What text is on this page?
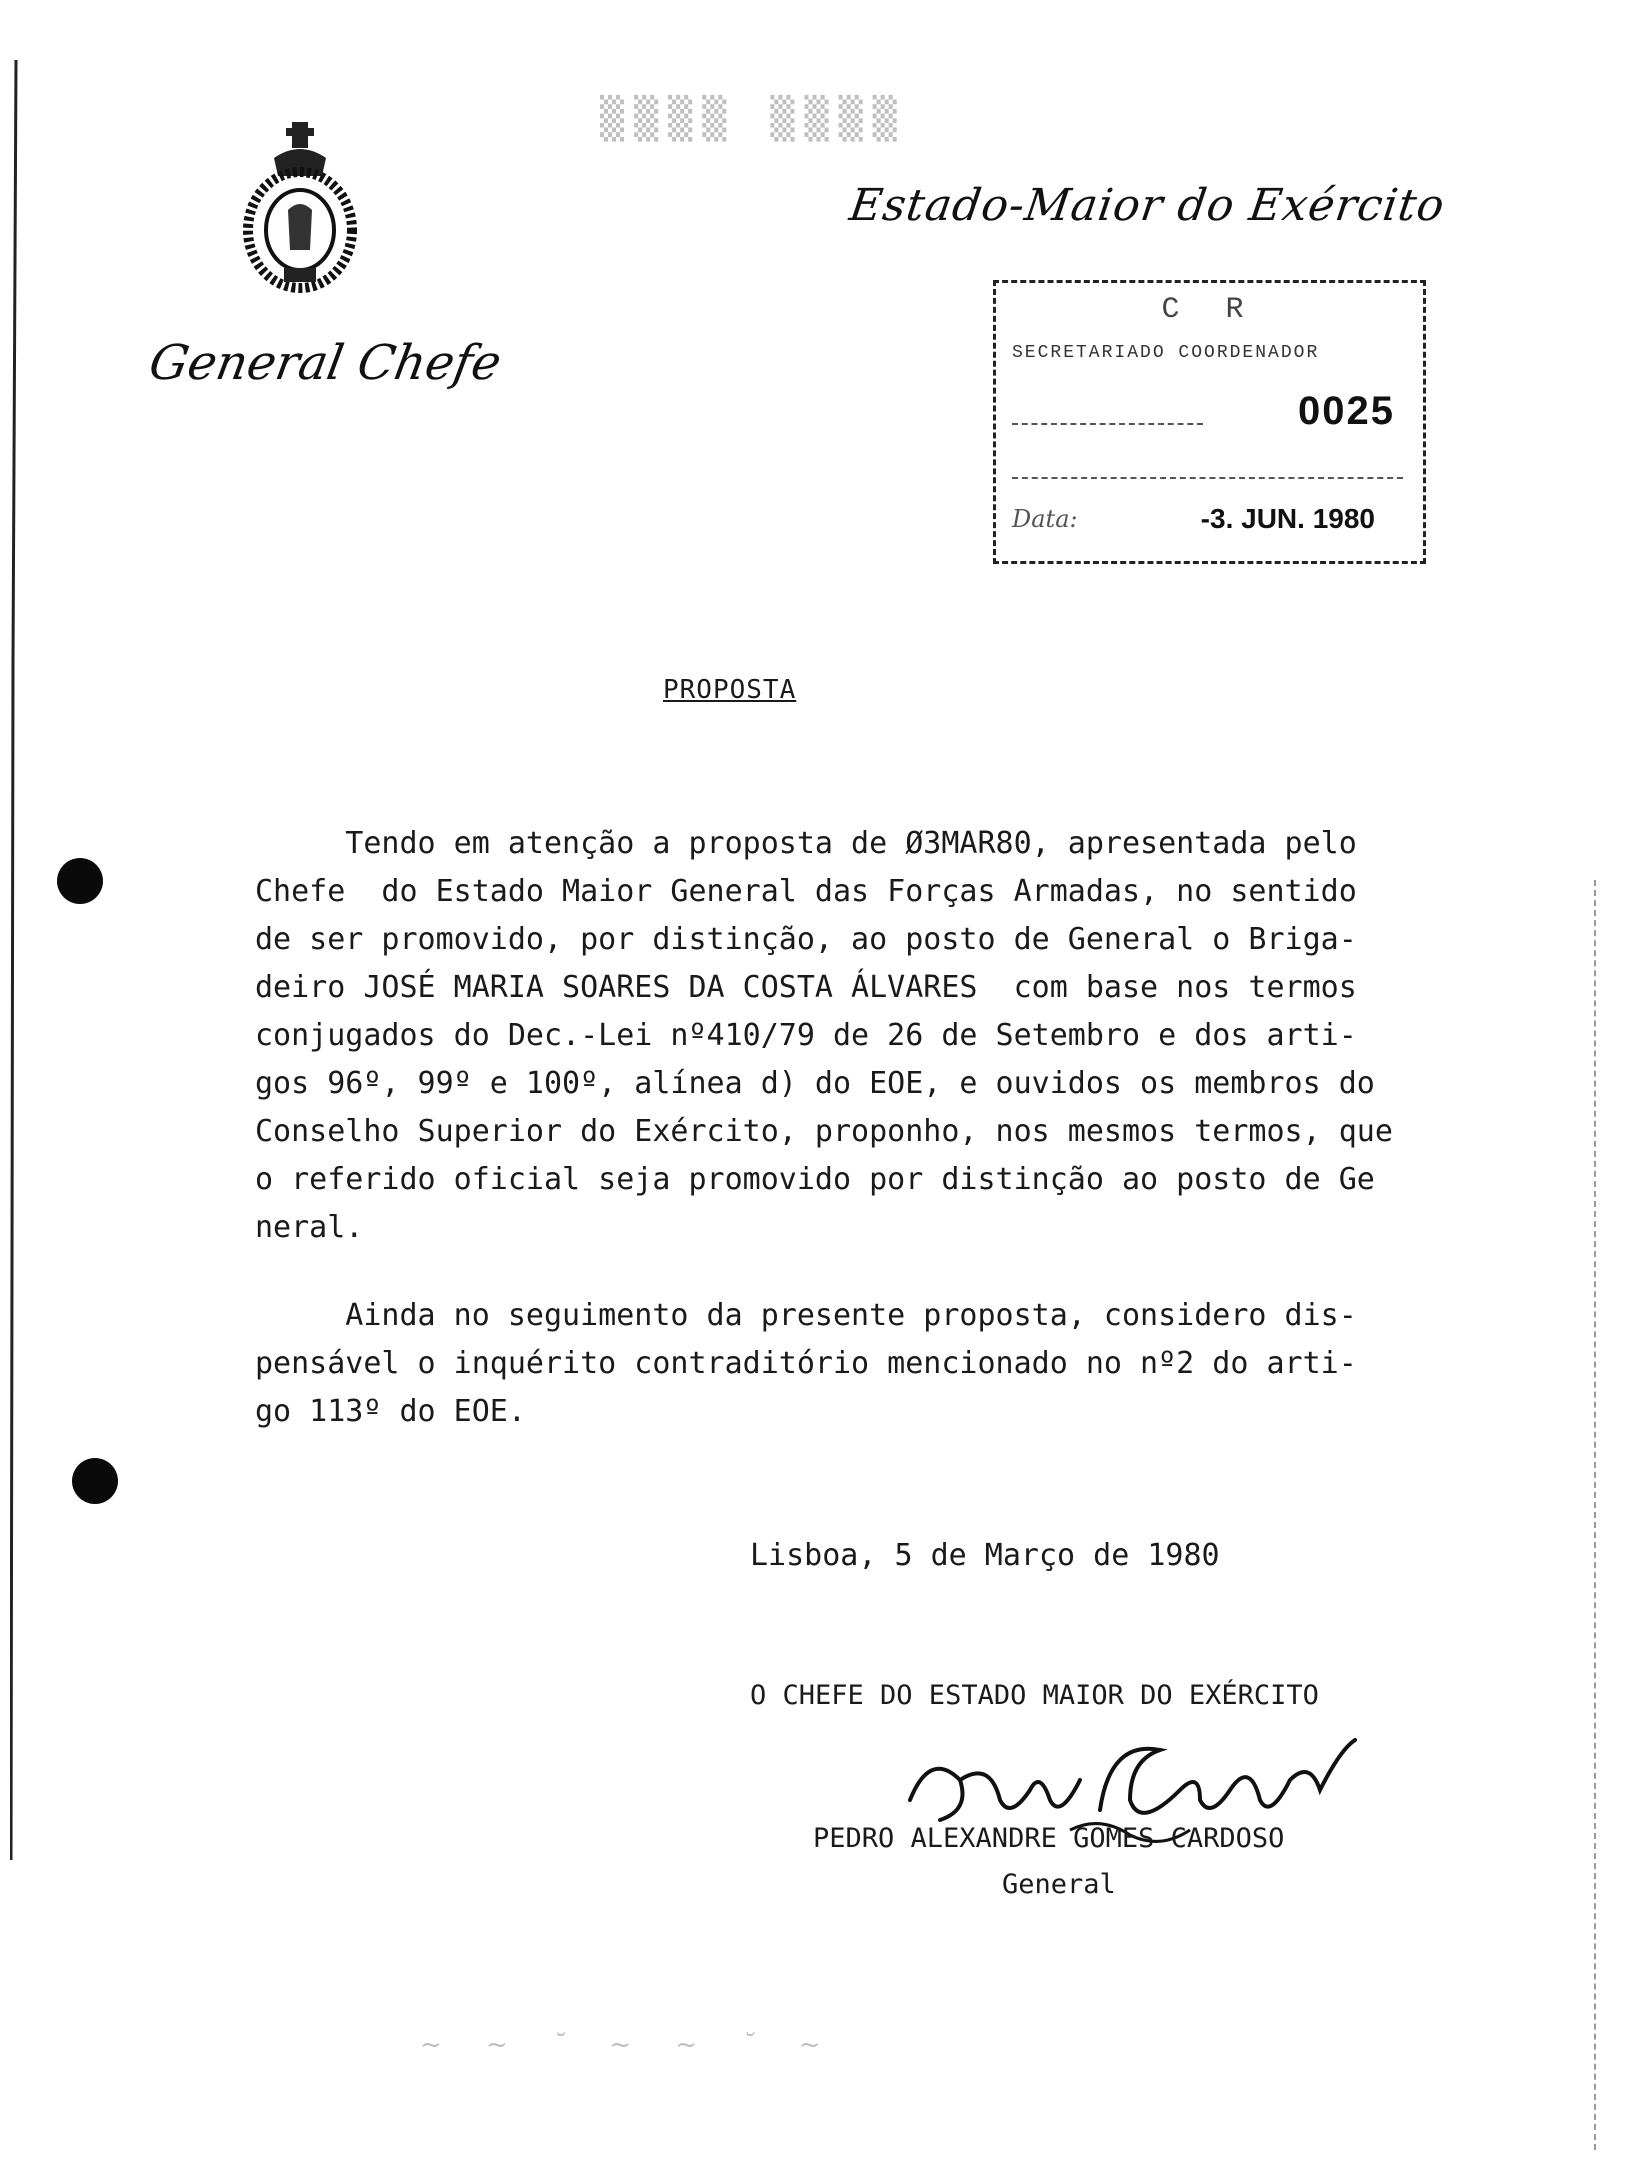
▒▒▒▒ ▒▒▒▒
Estado-Maior do Exército
General Chefe
C R
SECRETARIADO COORDENADOR
0025
Data:	-3. JUN. 1980
PROPOSTA
Tendo em atenção a proposta de Ø3MAR80, apresentada pelo
Chefe  do Estado Maior General das Forças Armadas, no sentido
de ser promovido, por distinção, ao posto de General o Briga-
deiro JOSÉ MARIA SOARES DA COSTA ÁLVARES  com base nos termos
conjugados do Dec.-Lei nº410/79 de 26 de Setembro e dos arti-
gos 96º, 99º e 100º, alínea d) do EOE, e ouvidos os membros do
Conselho Superior do Exército, proponho, nos mesmos termos, que
o referido oficial seja promovido por distinção ao posto de Ge
neral.
Ainda no seguimento da presente proposta, considero dis-
pensável o inquérito contraditório mencionado no nº2 do arti-
go 113º do EOE.
Lisboa, 5 de Março de 1980
O CHEFE DO ESTADO MAIOR DO EXÉRCITO
PEDRO ALEXANDRE GOMES CARDOSO
General
~ ~ ˘ ~ ~ ˘ ~
